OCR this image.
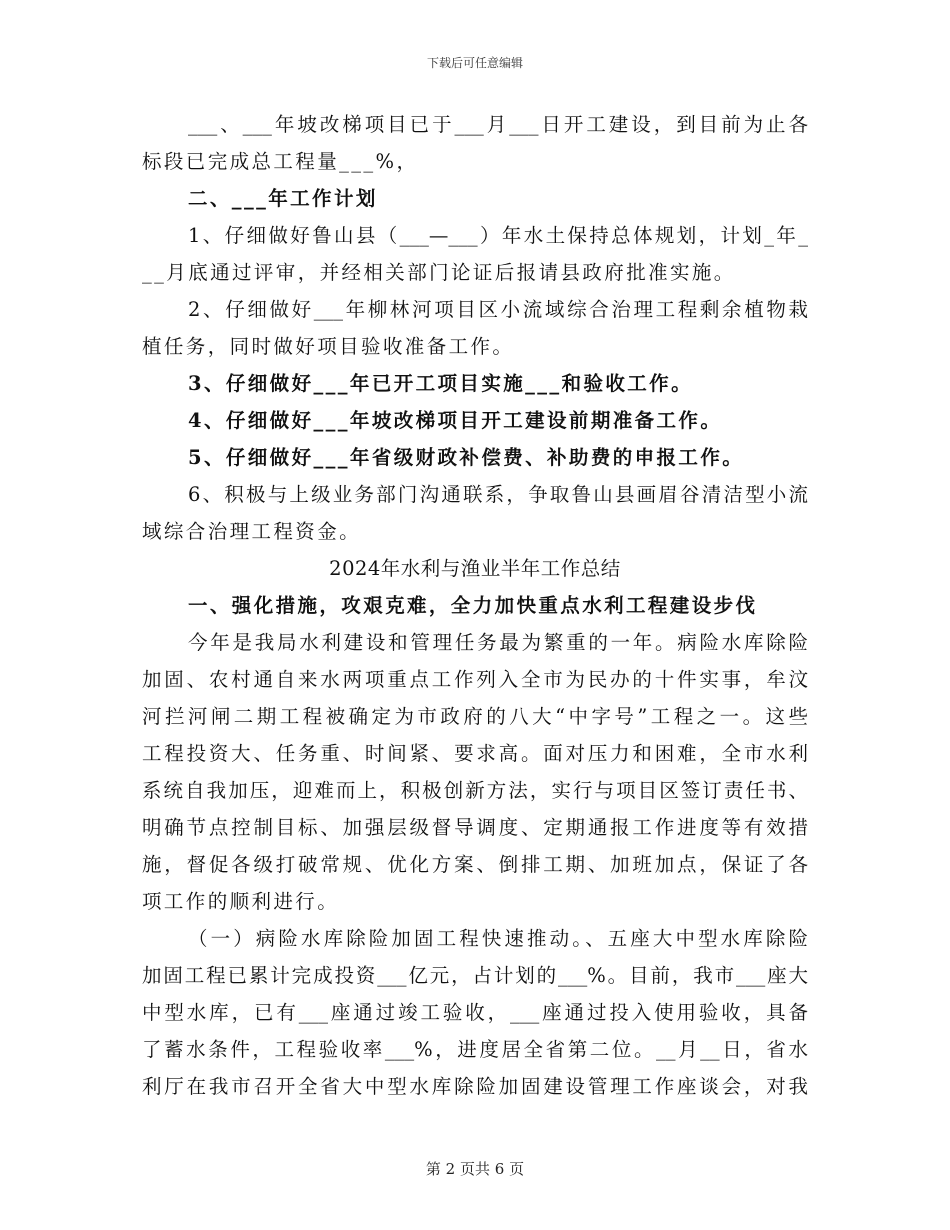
下载后可任意编辑
___、___年坡改梯项目已于___月___日开工建设，到目前为止各
标段已完成总工程量___%，
二、___年工作计划
1、仔细做好鲁山县（___—___）年水土保持总体规划，计划_年_
__月底通过评审，并经相关部门论证后报请县政府批准实施。
2、仔细做好___年柳林河项目区小流域综合治理工程剩余植物栽
植任务，同时做好项目验收准备工作。
3、仔细做好___年已开工项目实施___和验收工作。
4、仔细做好___年坡改梯项目开工建设前期准备工作。
5、仔细做好___年省级财政补偿费、补助费的申报工作。
6、积极与上级业务部门沟通联系，争取鲁山县画眉谷清洁型小流
域综合治理工程资金。
2024年水利与渔业半年工作总结
一、强化措施，攻艰克难，全力加快重点水利工程建设步伐
今年是我局水利建设和管理任务最为繁重的一年。病险水库除险
加固、农村通自来水两项重点工作列入全市为民办的十件实事，牟汶
河拦河闸二期工程被确定为市政府的八大“中字号”工程之一。这些
工程投资大、任务重、时间紧、要求高。面对压力和困难，全市水利
系统自我加压，迎难而上，积极创新方法，实行与项目区签订责任书、
明确节点控制目标、加强层级督导调度、定期通报工作进度等有效措
施，督促各级打破常规、优化方案、倒排工期、加班加点，保证了各
项工作的顺利进行。
（一）病险水库除险加固工程快速推动。、五座大中型水库除险
加固工程已累计完成投资___亿元，占计划的___%。目前，我市___座大
中型水库，已有___座通过竣工验收，___座通过投入使用验收，具备
了蓄水条件，工程验收率___%，进度居全省第二位。__月__日，省水
利厅在我市召开全省大中型水库除险加固建设管理工作座谈会，对我
第 2 页共 6 页
